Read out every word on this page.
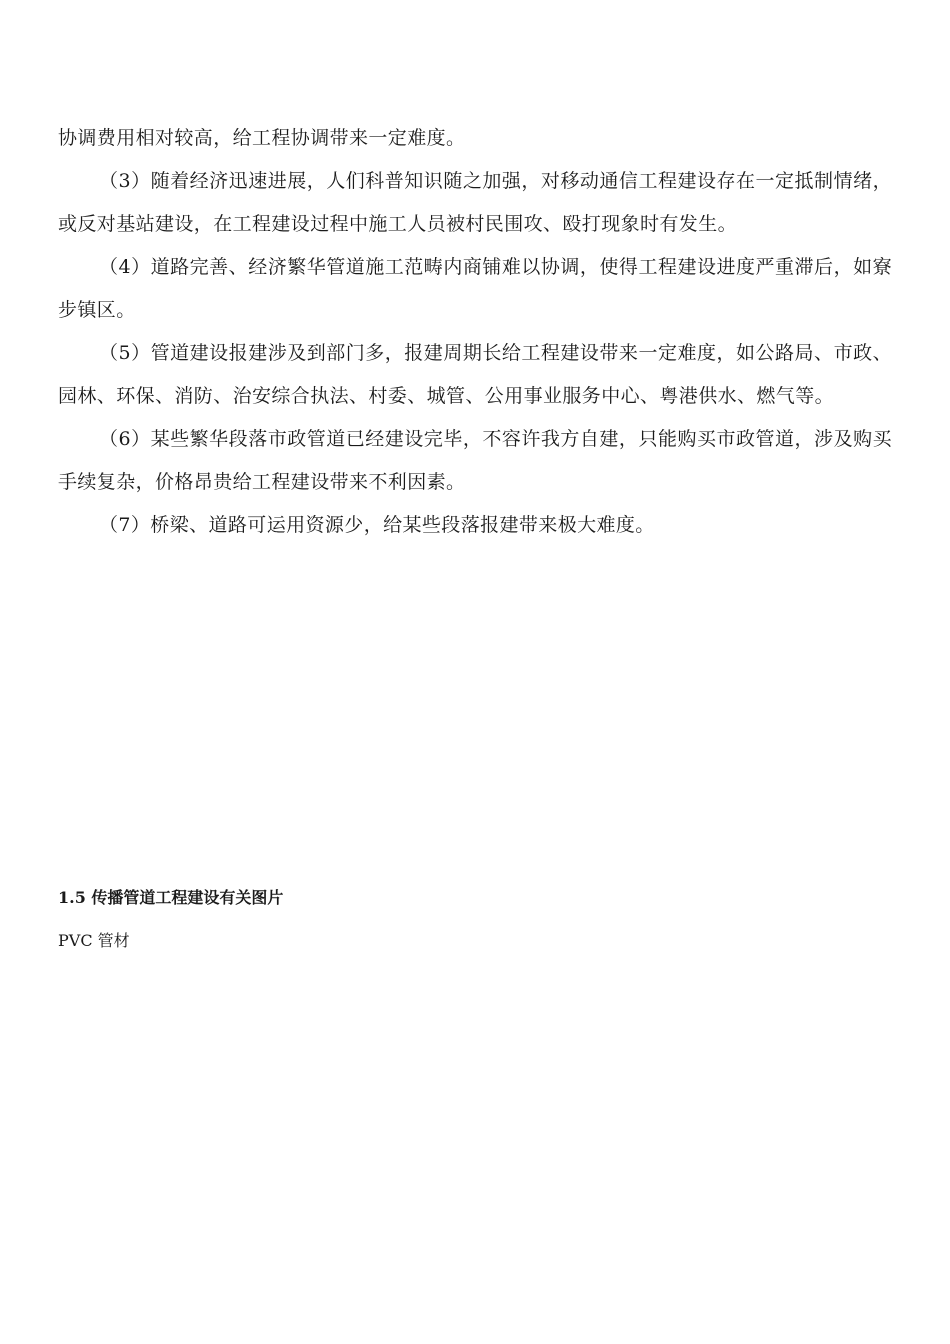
协调费用相对较高，给工程协调带来一定难度。

（3）随着经济迅速进展，人们科普知识随之加强，对移动通信工程建设存在一定抵制情绪，或反对基站建设，在工程建设过程中施工人员被村民围攻、殴打现象时有发生。

（4）道路完善、经济繁华管道施工范畴内商铺难以协调，使得工程建设进度严重滞后，如寮步镇区。

（5）管道建设报建涉及到部门多，报建周期长给工程建设带来一定难度，如公路局、市政、园林、环保、消防、治安综合执法、村委、城管、公用事业服务中心、粤港供水、燃气等。

（6）某些繁华段落市政管道已经建设完毕，不容许我方自建，只能购买市政管道，涉及购买手续复杂，价格昂贵给工程建设带来不利因素。

（7）桥梁、道路可运用资源少，给某些段落报建带来极大难度。

1.5 传播管道工程建设有关图片

PVC 管材
